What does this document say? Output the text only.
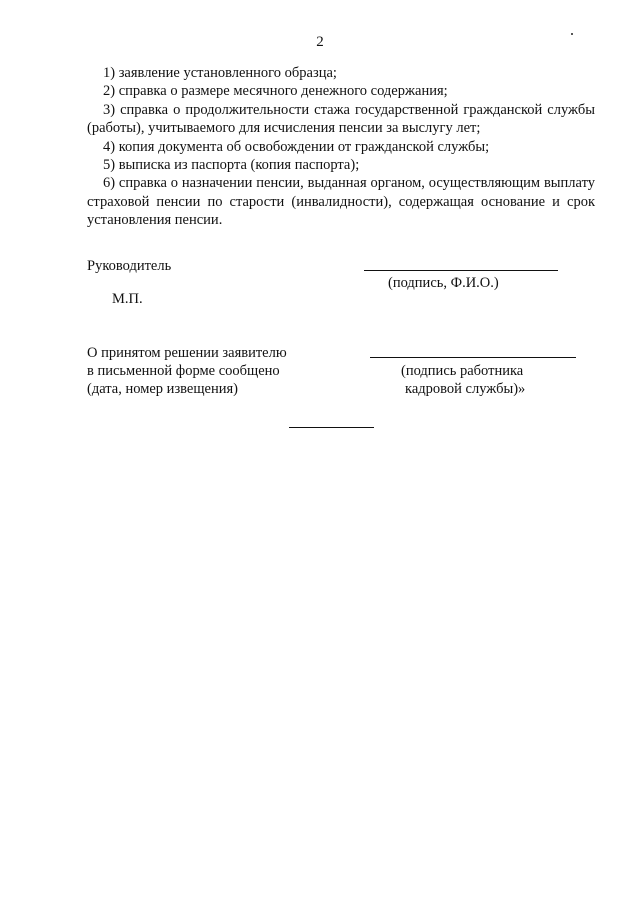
2

1) заявление установленного образца;

2) справка о размере месячного денежного содержания;

3) справка о продолжительности стажа государственной гражданской службы (работы), учитываемого для исчисления пенсии за выслугу лет;

4) копия документа об освобождении от гражданской службы;

5) выписка из паспорта (копия паспорта);

6) справка о назначении пенсии, выданная органом, осуществляющим выплату страховой пенсии по старости (инвалидности), содержащая основание и срок установления пенсии.

Руководитель
(подпись, Ф.И.О.)
М.П.
О принятом решении заявителю
в письменной форме сообщено
(дата, номер извещения)
(подпись работника
кадровой службы)»
